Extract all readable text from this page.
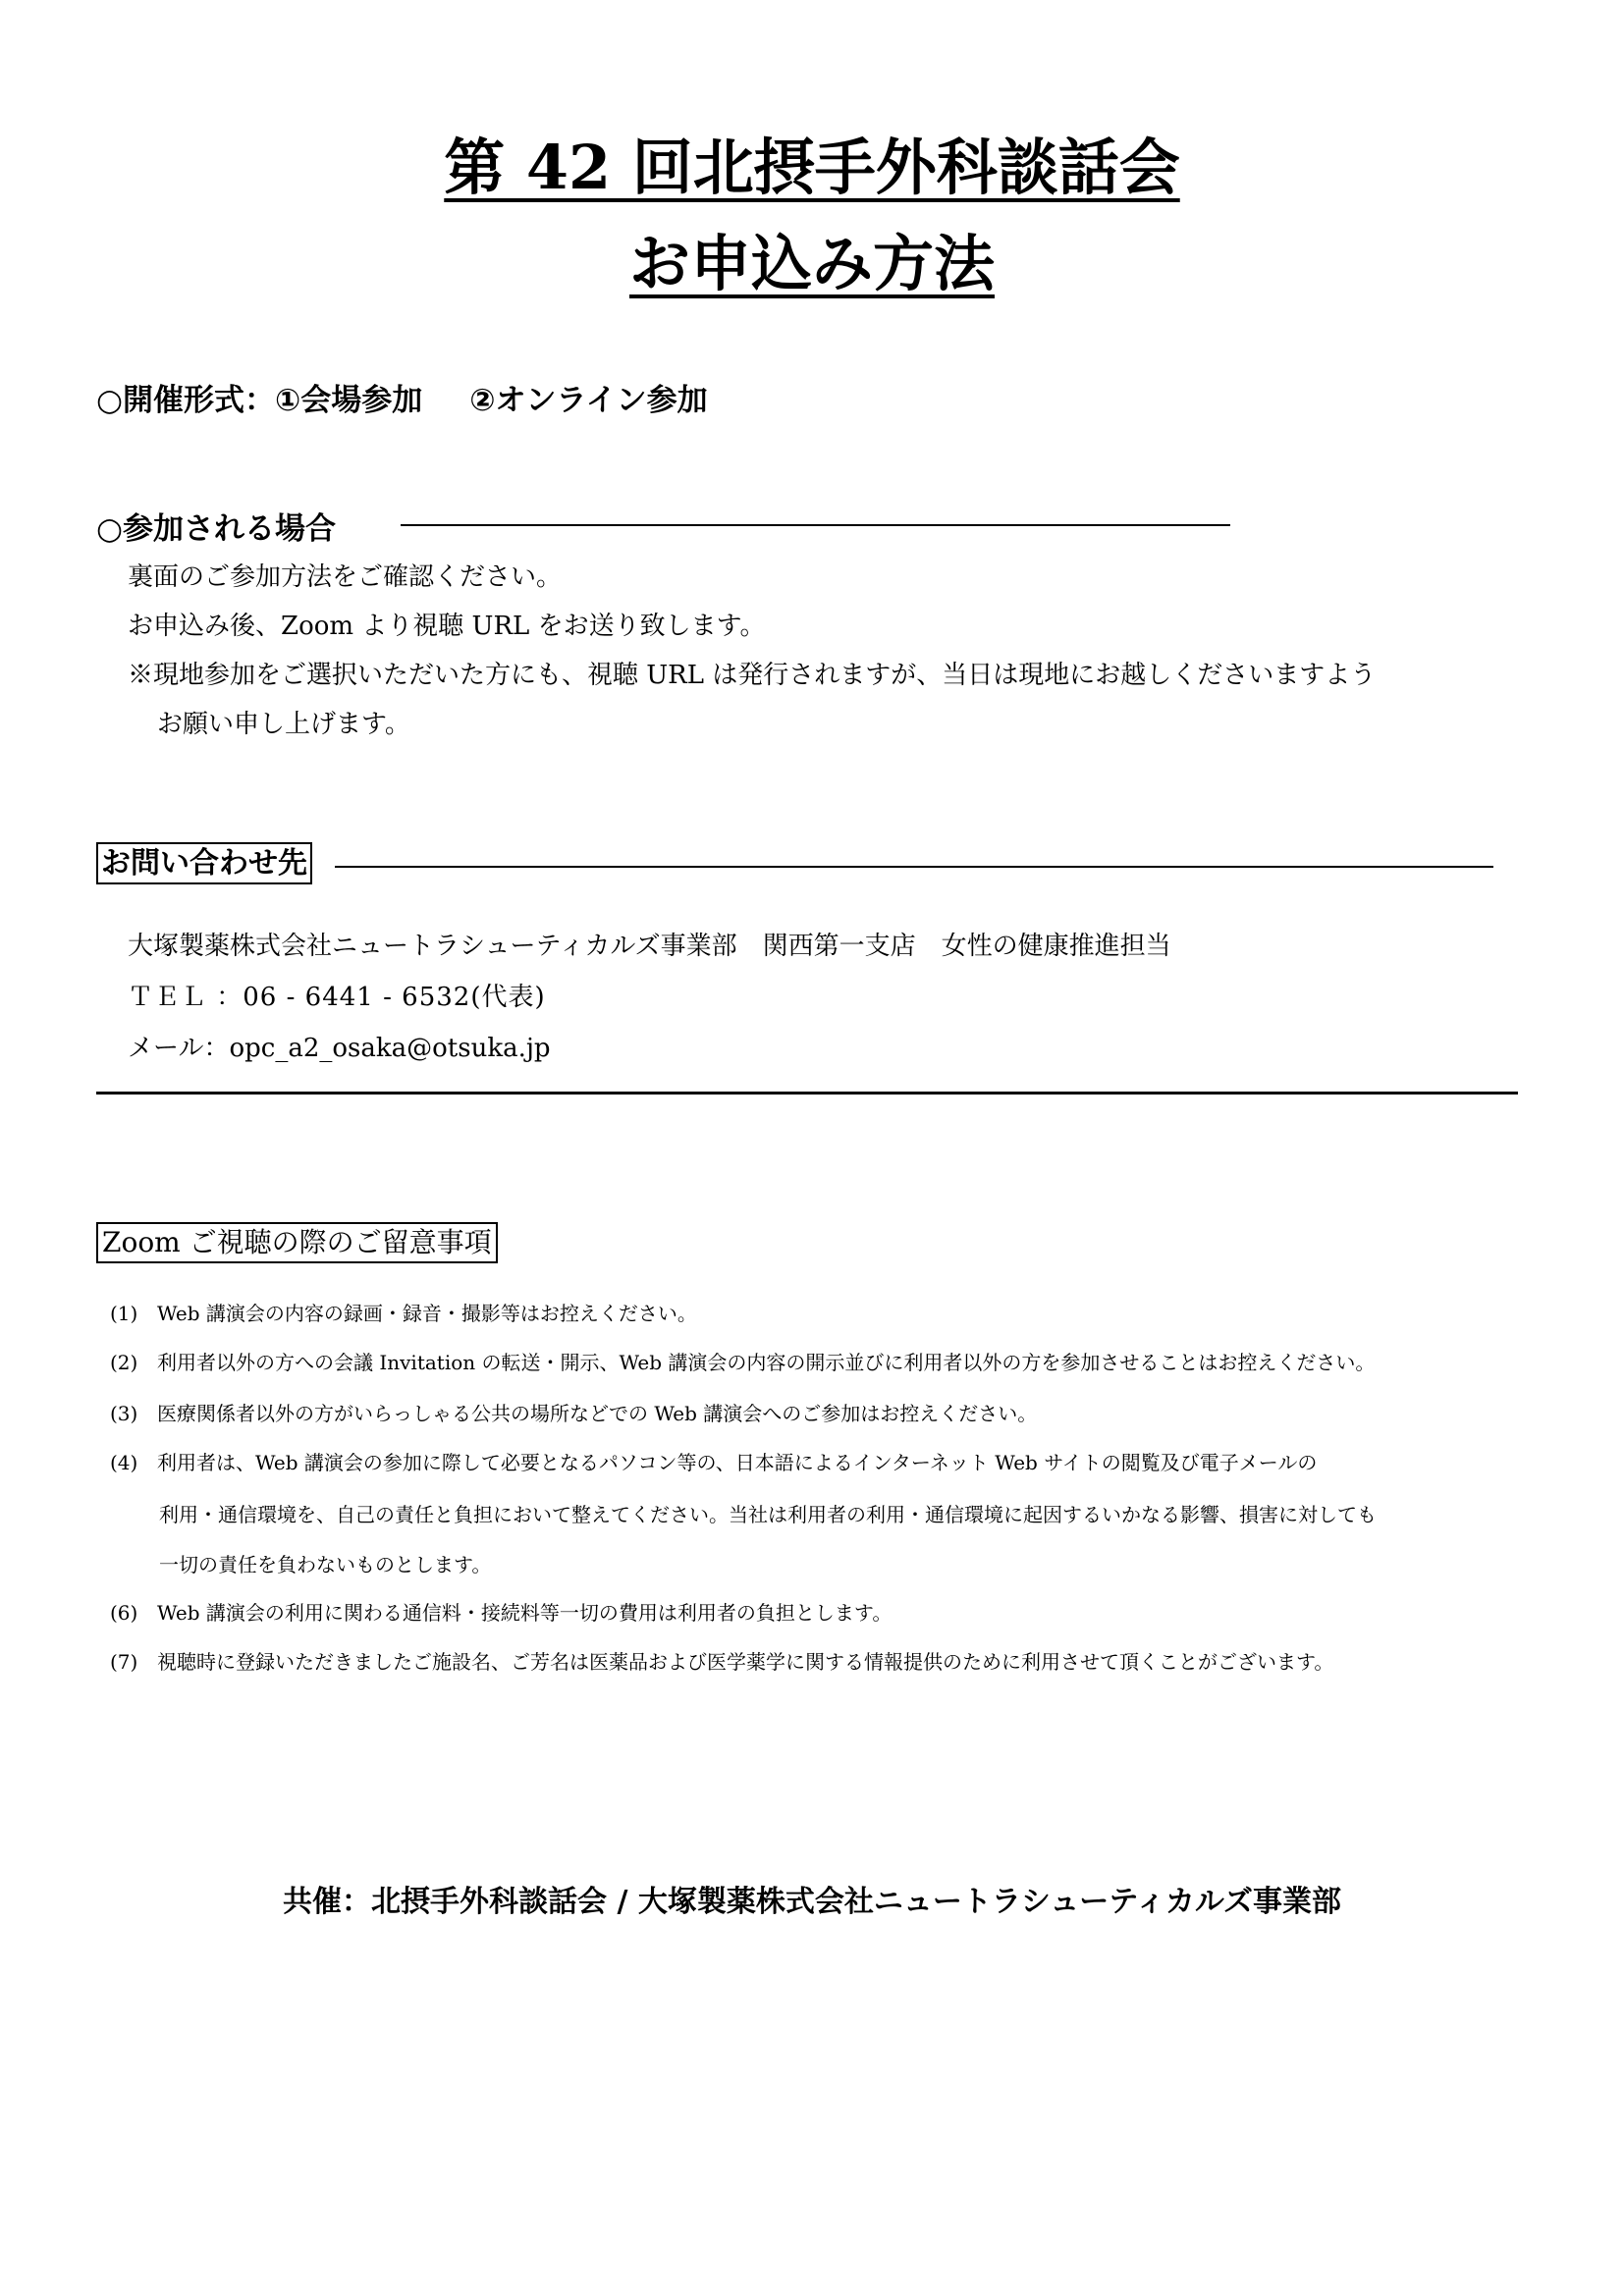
第 42 回北摂手外科談話会
お申込み方法
○開催形式：①会場参加 ②オンライン参加
○参加される場合
裏面のご参加方法をご確認ください。
お申込み後、Zoom より視聴 URL をお送り致します。
※現地参加をご選択いただいた方にも、視聴 URL は発行されますが、当日は現地にお越しくださいますよう
お願い申し上げます。
お問い合わせ先
大塚製薬株式会社ニュートラシューティカルズ事業部　関西第一支店　女性の健康推進担当
ＴＥＬ ：06 - 6441 - 6532(代表)
メール：opc_a2_osaka@otsuka.jp
Zoom ご視聴の際のご留意事項
(1) Web 講演会の内容の録画・録音・撮影等はお控えください。
(2) 利用者以外の方への会議 Invitation の転送・開示、Web 講演会の内容の開示並びに利用者以外の方を参加させることはお控えください。
(3) 医療関係者以外の方がいらっしゃる公共の場所などでの Web 講演会へのご参加はお控えください。
(4) 利用者は、Web 講演会の参加に際して必要となるパソコン等の、日本語によるインターネット Web サイトの閲覧及び電子メールの
利用・通信環境を、自己の責任と負担において整えてください。当社は利用者の利用・通信環境に起因するいかなる影響、損害に対しても
一切の責任を負わないものとします。
(6) Web 講演会の利用に関わる通信料・接続料等一切の費用は利用者の負担とします。
(7) 視聴時に登録いただきましたご施設名、ご芳名は医薬品および医学薬学に関する情報提供のために利用させて頂くことがございます。
共催：北摂手外科談話会 / 大塚製薬株式会社ニュートラシューティカルズ事業部
